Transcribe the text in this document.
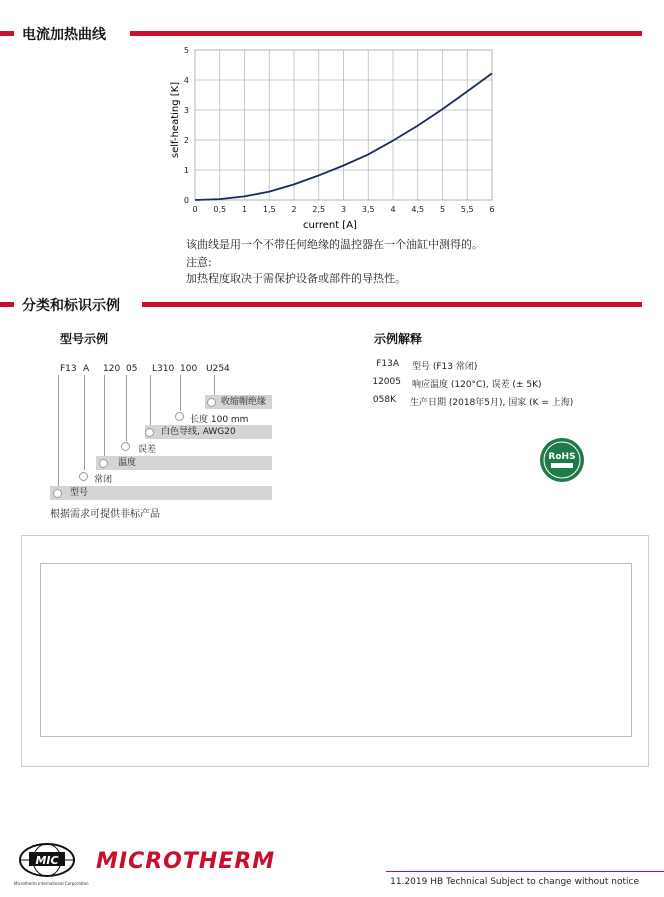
电流加热曲线
0 0,5 1 1,5 2 2,5 3 3,5 4 4,5 5 5,5 6
0
1
2
3
4
5
current [A]
self-heating [K]
该曲线是用一个不带任何绝缘的温控器在一个油缸中测得的。
注意:
加热程度取决于需保护设备或部件的导热性。
分类和标识示例
型号示例	示例解释
F13 A 120 05 L310 100 U254
收缩帽绝缘
长度 100 mm
白色导线, AWG20
误差
温度
常闭
型号
根据需求可提供非标产品
F13A 型号 (F13 常闭)
12005 响应温度 (120°C), 误差 (± 5K)
058K 生产日期 (2018年5月), 国家 (K = 上海)
RoHS
MIC
Microtherm International Corporation
MICROTHERM
11.2019 HB Technical Subject to change without notice
